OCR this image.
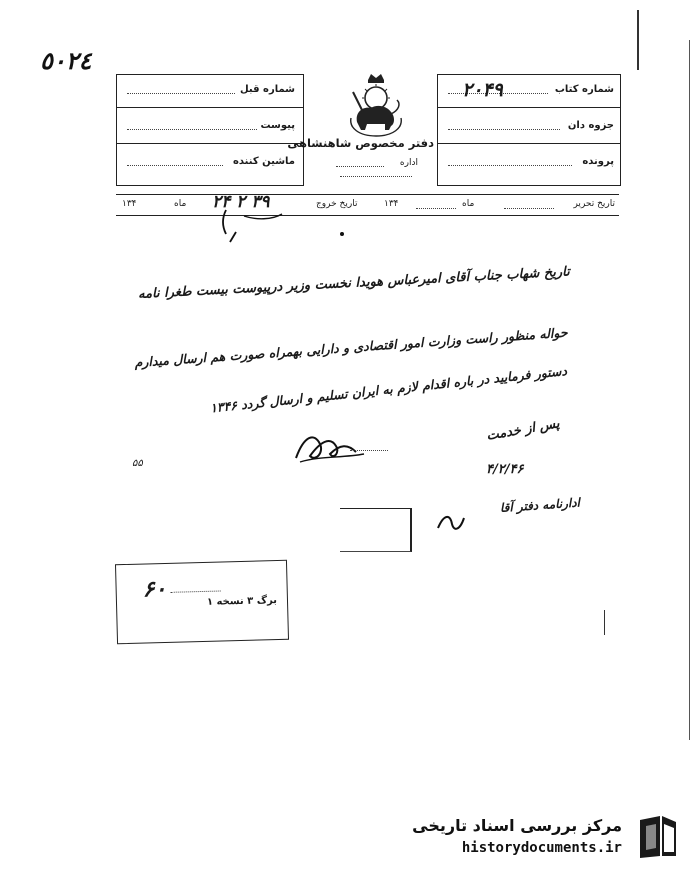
٥٠٢٤
شماره قبل
پیوست
ماشین کننده
دفتر مخصوص شاهنشاهی
اداره
۲۰۴۹	شماره کتاب
جزوه دان
پرونده
تاریخ تحریر
ماه
۱۳۴
تاریخ خروج
۲۴ ۲ ۳۹
ماه
۱۳۴
تاریخ شهاب جناب آقای امیرعباس هویدا نخست وزیر درپیوست بیست طغرا نامه
حواله منظور راست وزارت امور اقتصادی و دارایی بهمراه صورت هم ارسال میدارم
دستور فرمایید در باره اقدام لازم به ایران تسلیم و ارسال گردد ۱۳۴۶
۵۵
پس از خدمت
۴/۲/۴۶
ادارنامه دفتر آقا
۶۰	برگ ۳ نسخه ۱
مرکز بررسی اسناد تاریخی
historydocuments.ir
